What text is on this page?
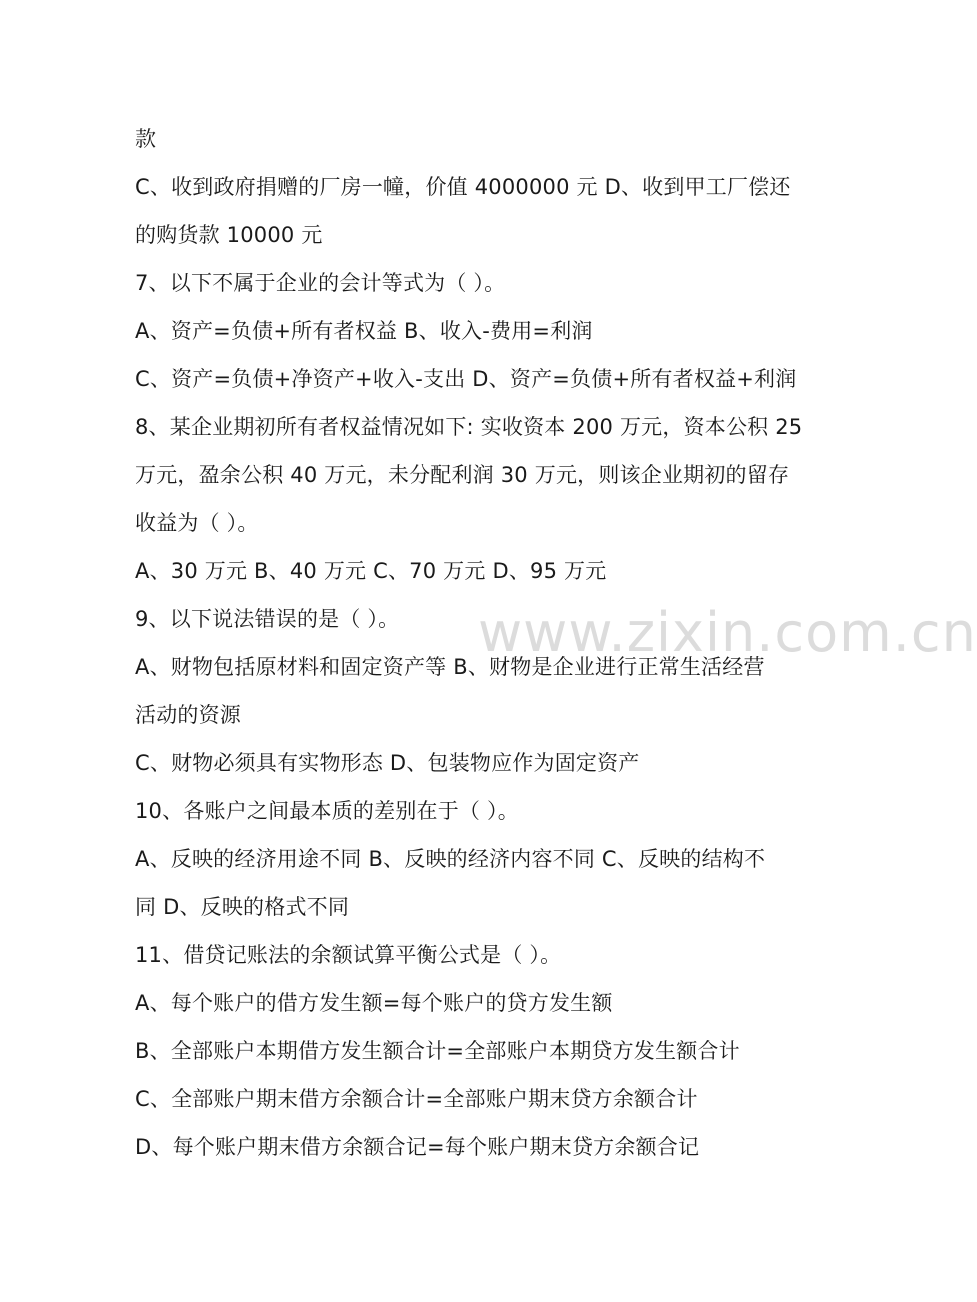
www.zixin.com.cn
款
C、收到政府捐赠的厂房一幢，价值 4000000 元 D、收到甲工厂偿还
的购货款 10000 元
7、以下不属于企业的会计等式为（ ）。
A、资产=负债+所有者权益 B、收入-费用=利润
C、资产=负债+净资产+收入-支出 D、资产=负债+所有者权益+利润
8、某企业期初所有者权益情况如下: 实收资本 200 万元，资本公积 25
万元，盈余公积 40 万元，未分配利润 30 万元，则该企业期初的留存
收益为（ ）。
A、30 万元 B、40 万元 C、70 万元 D、95 万元
9、以下说法错误的是（ ）。
A、财物包括原材料和固定资产等 B、财物是企业进行正常生活经营
活动的资源
C、财物必须具有实物形态 D、包装物应作为固定资产
10、各账户之间最本质的差别在于（ ）。
A、反映的经济用途不同 B、反映的经济内容不同 C、反映的结构不
同 D、反映的格式不同
11、借贷记账法的余额试算平衡公式是（ ）。
A、每个账户的借方发生额=每个账户的贷方发生额
B、全部账户本期借方发生额合计=全部账户本期贷方发生额合计
C、全部账户期末借方余额合计=全部账户期末贷方余额合计
D、每个账户期末借方余额合记=每个账户期末贷方余额合记
